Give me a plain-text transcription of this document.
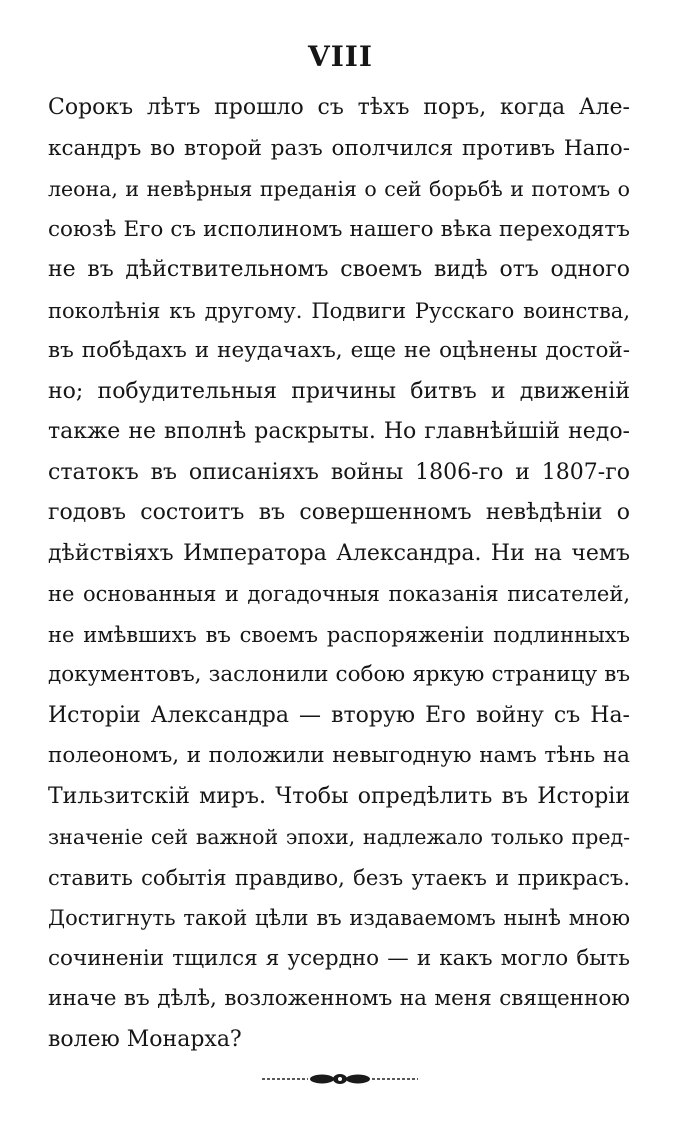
VIII
Сорокъ лѣтъ прошло съ тѣхъ поръ, когда Але-
ксандръ во второй разъ ополчился противъ Напо-
леона, и невѣрныя преданія о сей борьбѣ и потомъ о
союзѣ Его съ исполиномъ нашего вѣка переходятъ
не въ дѣйствительномъ своемъ видѣ отъ одного
поколѣнія къ другому. Подвиги Русскаго воинства,
въ побѣдахъ и неудачахъ, еще не оцѣнены достой-
но; побудительныя причины битвъ и движеній
также не вполнѣ раскрыты. Но главнѣйшій недо-
статокъ въ описаніяхъ войны 1806-го и 1807-го
годовъ состоитъ въ совершенномъ невѣдѣніи о
дѣйствіяхъ Императора Александра. Ни на чемъ
не основанныя и догадочныя показанія писателей,
не имѣвшихъ въ своемъ распоряженіи подлинныхъ
документовъ, заслонили собою яркую страницу въ
Исторіи Александра — вторую Его войну съ На-
полеономъ, и положили невыгодную намъ тѣнь на
Тильзитскій миръ. Чтобы опредѣлить въ Исторіи
значеніе сей важной эпохи, надлежало только пред-
ставить событія правдиво, безъ утаекъ и прикрасъ.
Достигнуть такой цѣли въ издаваемомъ нынѣ мною
сочиненіи тщился я усердно — и какъ могло быть
иначе въ дѣлѣ, возложенномъ на меня священною
волею Монарха?
